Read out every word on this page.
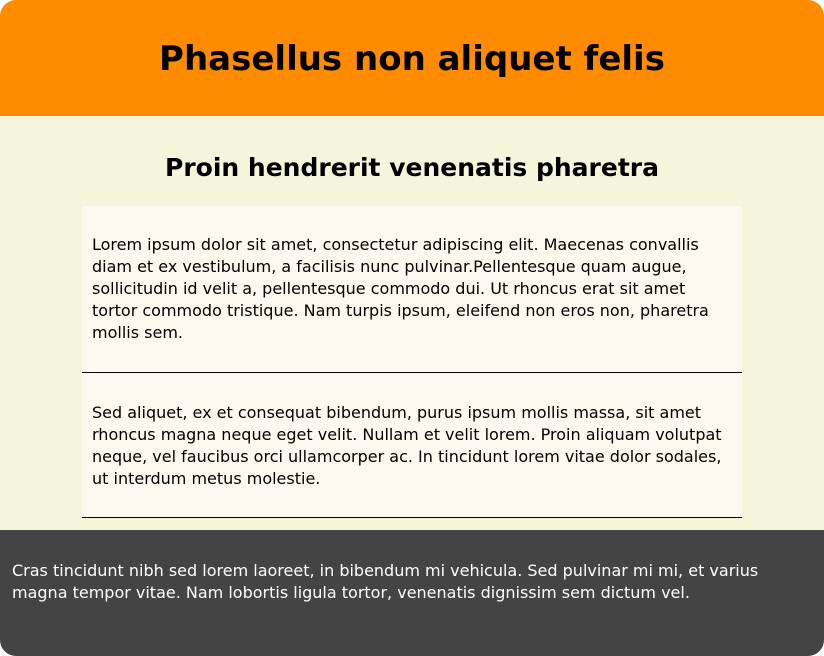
Phasellus non aliquet felis
Proin hendrerit venenatis pharetra

Lorem ipsum dolor sit amet, consectetur adipiscing elit. Maecenas convallis diam et ex vestibulum, a facilisis nunc pulvinar.Pellentesque quam augue, sollicitudin id velit a, pellentesque commodo dui. Ut rhoncus erat sit amet tortor commodo tristique. Nam turpis ipsum, eleifend non eros non, pharetra mollis sem.

Sed aliquet, ex et consequat bibendum, purus ipsum mollis massa, sit amet rhoncus magna neque eget velit. Nullam et velit lorem. Proin aliquam volutpat neque, vel faucibus orci ullamcorper ac. In tincidunt lorem vitae dolor sodales, ut interdum metus molestie.

Cras tincidunt nibh sed lorem laoreet, in bibendum mi vehicula. Sed pulvinar mi mi, et varius magna tempor vitae. Nam lobortis ligula tortor, venenatis dignissim sem dictum vel.
